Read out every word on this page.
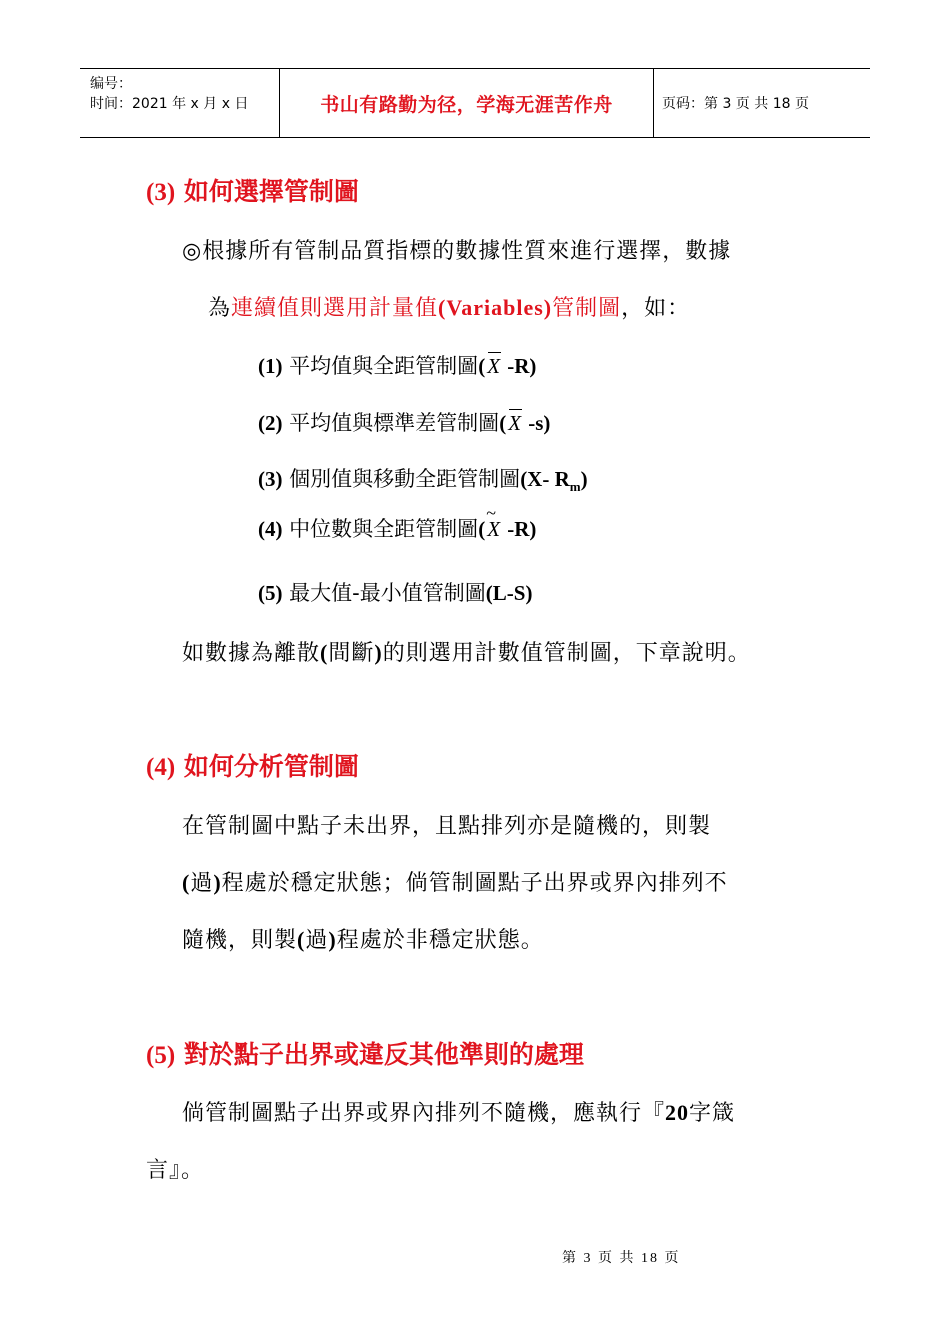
编号：
时间：2021 年 x 月 x 日	书山有路勤为径，学海无涯苦作舟	页码：第 3 页 共 18 页
(3) 如何選擇管制圖
◎根據所有管制品質指標的數據性質來進行選擇，數據
為連續值則選用計量值(Variables)管制圖，如：
(1) 平均值與全距管制圖(
X -R)
(2) 平均值與標準差管制圖(
X -s)
(3) 個別值與移動全距管制圖(X- $R_m$)
(4) 中位數與全距管制圖(
~
X -R)
(5) 最大值-最小值管制圖(L-S)
如數據為離散(間斷)的則選用計數值管制圖，下章說明。
(4) 如何分析管制圖
在管制圖中點子未出界，且點排列亦是隨機的，則製
(過)程處於穩定狀態；倘管制圖點子出界或界內排列不
隨機，則製(過)程處於非穩定狀態。
(5) 對於點子出界或違反其他準則的處理
倘管制圖點子出界或界內排列不隨機，應執行『20字箴
言』。
第 3 页 共 18 页
